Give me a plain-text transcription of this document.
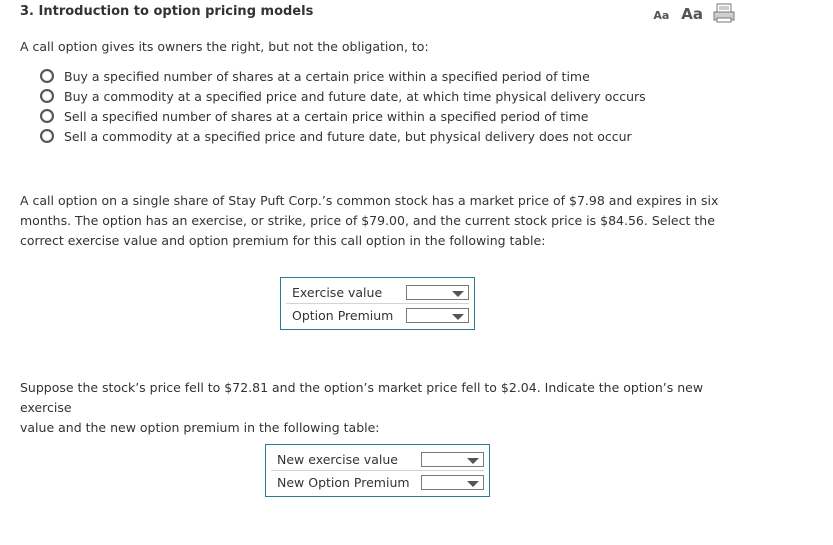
3. Introduction to option pricing models	Aa Aa

A call option gives its owners the right, but not the obligation, to:

Buy a specified number of shares at a certain price within a specified period of time
Buy a commodity at a specified price and future date, at which time physical delivery occurs
Sell a specified number of shares at a certain price within a specified period of time
Sell a commodity at a specified price and future date, but physical delivery does not occur
A call option on a single share of Stay Puft Corp.’s common stock has a market price of $7.98 and expires in six
months. The option has an exercise, or strike, price of $79.00, and the current stock price is $84.56. Select the
correct exercise value and option premium for this call option in the following table:
Exercise value
Option Premium
Suppose the stock’s price fell to $72.81 and the option’s market price fell to $2.04. Indicate the option’s new exercise
value and the new option premium in the following table:
New exercise value
New Option Premium
